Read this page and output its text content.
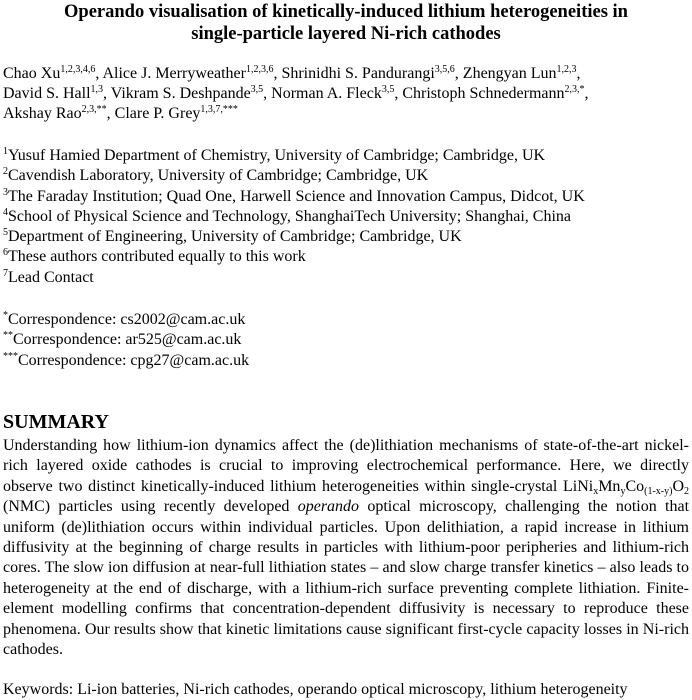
Operando visualisation of kinetically-induced lithium heterogeneities in
single-particle layered Ni-rich cathodes

Chao Xu$^{1,2,3,4,6}$, Alice J. Merryweather$^{1,2,3,6}$, Shrinidhi S. Pandurangi$^{3,5,6}$, Zhengyan Lun$^{1,2,3}$,
David S. Hall$^{1,3}$, Vikram S. Deshpande$^{3,5}$, Norman A. Fleck$^{3,5}$, Christoph Schnedermann$^{2,3,*}$,
Akshay Rao$^{2,3,**}$, Clare P. Grey$^{1,3,7,***}$

$^1$Yusuf Hamied Department of Chemistry, University of Cambridge; Cambridge, UK
$^2$Cavendish Laboratory, University of Cambridge; Cambridge, UK
$^3$The Faraday Institution; Quad One, Harwell Science and Innovation Campus, Didcot, UK
$^4$School of Physical Science and Technology, ShanghaiTech University; Shanghai, China
$^5$Department of Engineering, University of Cambridge; Cambridge, UK
$^6$These authors contributed equally to this work
$^7$Lead Contact
*Correspondence: cs2002@cam.ac.uk
**Correspondence: ar525@cam.ac.uk
***Correspondence: cpg27@cam.ac.uk
SUMMARY

Understanding how lithium-ion dynamics affect the (de)lithiation mechanisms of state-of-the-art nickel-rich layered oxide cathodes is crucial to improving electrochemical performance. Here, we directly observe two distinct kinetically-induced lithium heterogeneities within single-crystal $LiNi_xMn_yCo_{(1-x-y)}O_2$ (NMC) particles using recently developed operando optical microscopy, challenging the notion that uniform (de)lithiation occurs within individual particles. Upon delithiation, a rapid increase in lithium diffusivity at the beginning of charge results in particles with lithium-poor peripheries and lithium-rich cores. The slow ion diffusion at near-full lithiation states – and slow charge transfer kinetics – also leads to heterogeneity at the end of discharge, with a lithium-rich surface preventing complete lithiation. Finite-element modelling confirms that concentration-dependent diffusivity is necessary to reproduce these phenomena. Our results show that kinetic limitations cause significant first-cycle capacity losses in Ni-rich cathodes.

Keywords: Li-ion batteries, Ni-rich cathodes, operando optical microscopy, lithium heterogeneity
